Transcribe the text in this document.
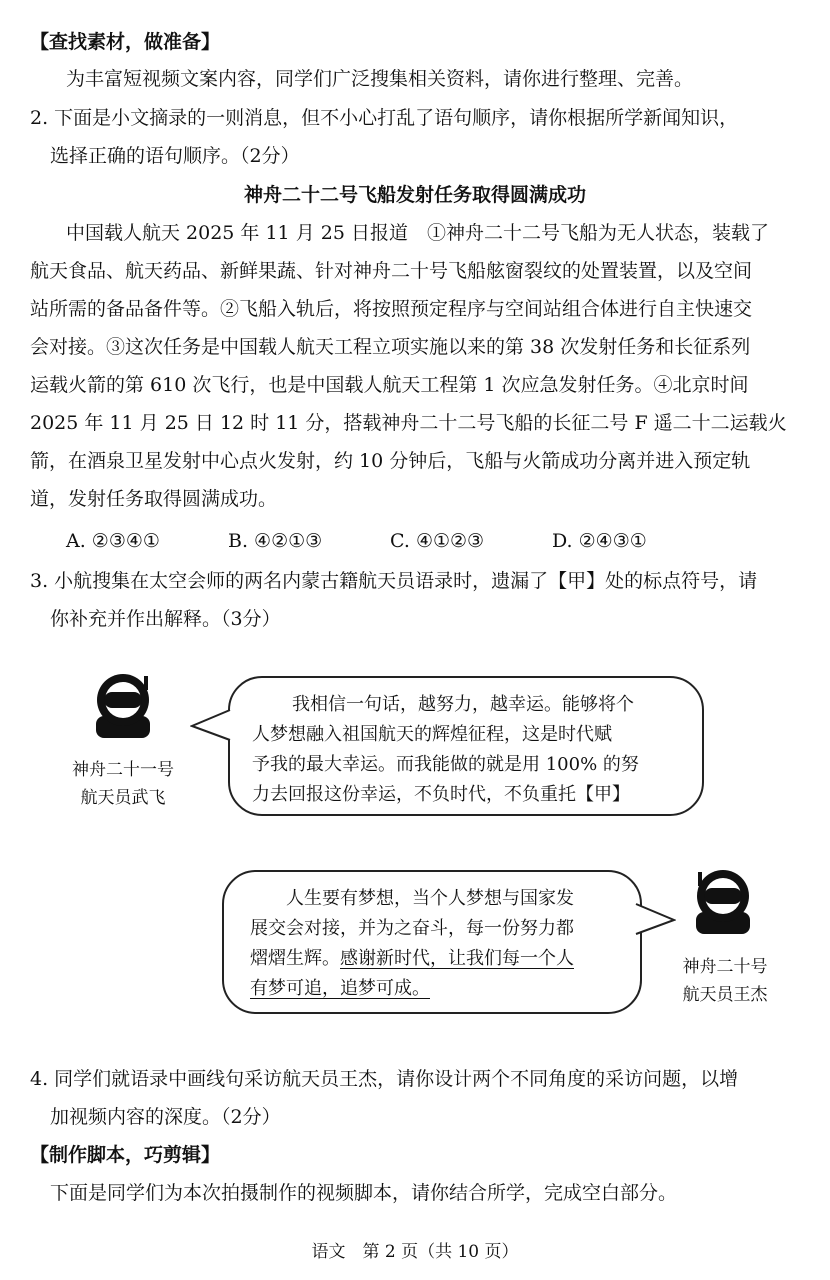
【查找素材，做准备】
为丰富短视频文案内容，同学们广泛搜集相关资料，请你进行整理、完善。
2. 下面是小文摘录的一则消息，但不小心打乱了语句顺序，请你根据所学新闻知识，
选择正确的语句顺序。（2分）
神舟二十二号飞船发射任务取得圆满成功
中国载人航天 2025 年 11 月 25 日报道　①神舟二十二号飞船为无人状态，装载了
航天食品、航天药品、新鲜果蔬、针对神舟二十号飞船舷窗裂纹的处置装置，以及空间
站所需的备品备件等。②飞船入轨后，将按照预定程序与空间站组合体进行自主快速交
会对接。③这次任务是中国载人航天工程立项实施以来的第 38 次发射任务和长征系列
运载火箭的第 610 次飞行，也是中国载人航天工程第 1 次应急发射任务。④北京时间
2025 年 11 月 25 日 12 时 11 分，搭载神舟二十二号飞船的长征二号 F 遥二十二运载火
箭，在酒泉卫星发射中心点火发射，约 10 分钟后，飞船与火箭成功分离并进入预定轨
道，发射任务取得圆满成功。
A. ②③④①	B. ④②①③	C. ④①②③	D. ②④③①
3. 小航搜集在太空会师的两名内蒙古籍航天员语录时，遗漏了【甲】处的标点符号，请
你补充并作出解释。（3分）
神舟二十一号
航天员武飞
我相信一句话，越努力，越幸运。能够将个
人梦想融入祖国航天的辉煌征程，这是时代赋
予我的最大幸运。而我能做的就是用 100% 的努
力去回报这份幸运，不负时代，不负重托【甲】
人生要有梦想，当个人梦想与国家发
展交会对接，并为之奋斗，每一份努力都
熠熠生辉。感谢新时代，让我们每一个人
有梦可追，追梦可成。
神舟二十号
航天员王杰
4. 同学们就语录中画线句采访航天员王杰，请你设计两个不同角度的采访问题，以增
加视频内容的深度。（2分）
【制作脚本，巧剪辑】
下面是同学们为本次拍摄制作的视频脚本，请你结合所学，完成空白部分。
语文　第 2 页（共 10 页）
